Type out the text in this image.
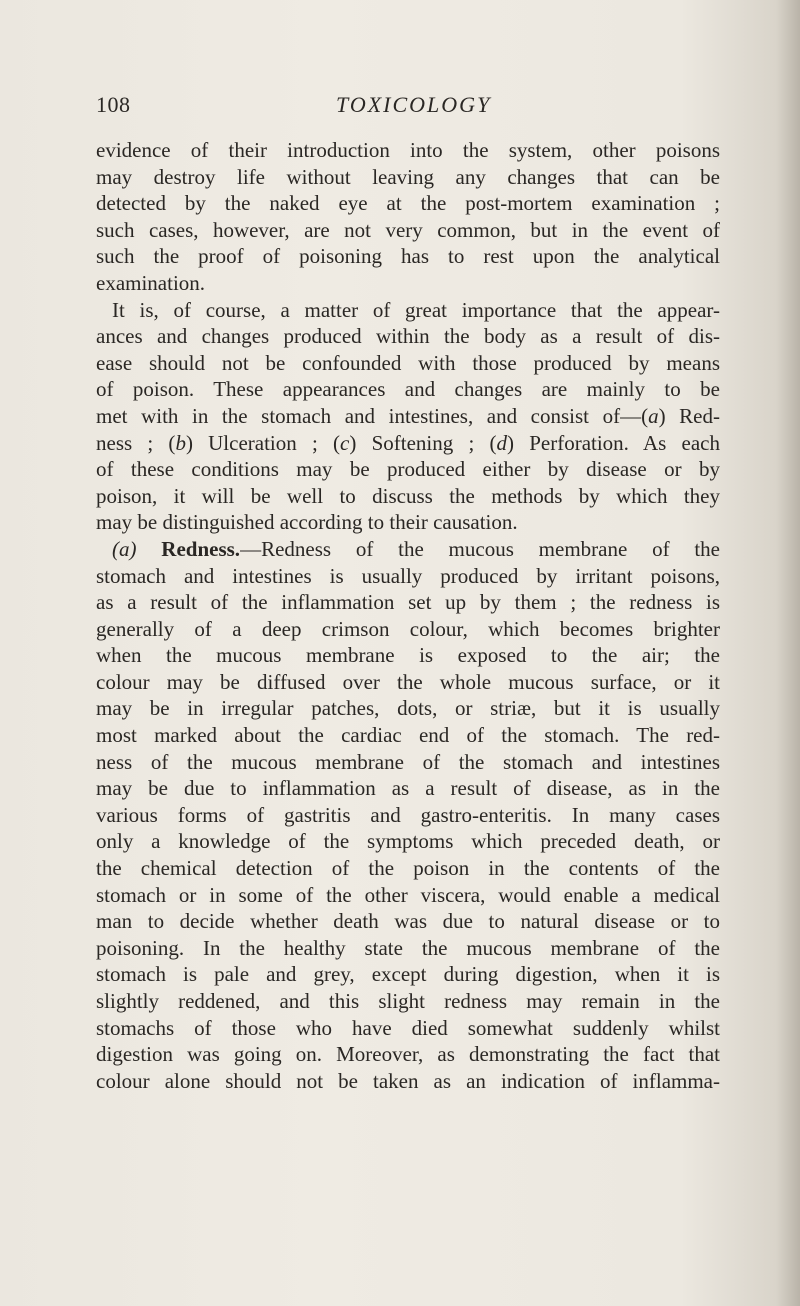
108	TOXICOLOGY
evidence of their introduction into the system, other poisons
may destroy life without leaving any changes that can be
detected by the naked eye at the post-mortem examination ;
such cases, however, are not very common, but in the event of
such the proof of poisoning has to rest upon the analytical
examination.
It is, of course, a matter of great importance that the appear-
ances and changes produced within the body as a result of dis-
ease should not be confounded with those produced by means
of poison. These appearances and changes are mainly to be
met with in the stomach and intestines, and consist of—(a) Red-
ness ; (b) Ulceration ; (c) Softening ; (d) Perforation. As each
of these conditions may be produced either by disease or by
poison, it will be well to discuss the methods by which they
may be distinguished according to their causation.
(a) Redness.—Redness of the mucous membrane of the
stomach and intestines is usually produced by irritant poisons,
as a result of the inflammation set up by them ; the redness is
generally of a deep crimson colour, which becomes brighter
when the mucous membrane is exposed to the air; the
colour may be diffused over the whole mucous surface, or it
may be in irregular patches, dots, or striæ, but it is usually
most marked about the cardiac end of the stomach. The red-
ness of the mucous membrane of the stomach and intestines
may be due to inflammation as a result of disease, as in the
various forms of gastritis and gastro-enteritis. In many cases
only a knowledge of the symptoms which preceded death, or
the chemical detection of the poison in the contents of the
stomach or in some of the other viscera, would enable a medical
man to decide whether death was due to natural disease or to
poisoning. In the healthy state the mucous membrane of the
stomach is pale and grey, except during digestion, when it is
slightly reddened, and this slight redness may remain in the
stomachs of those who have died somewhat suddenly whilst
digestion was going on. Moreover, as demonstrating the fact that
colour alone should not be taken as an indication of inflamma-
